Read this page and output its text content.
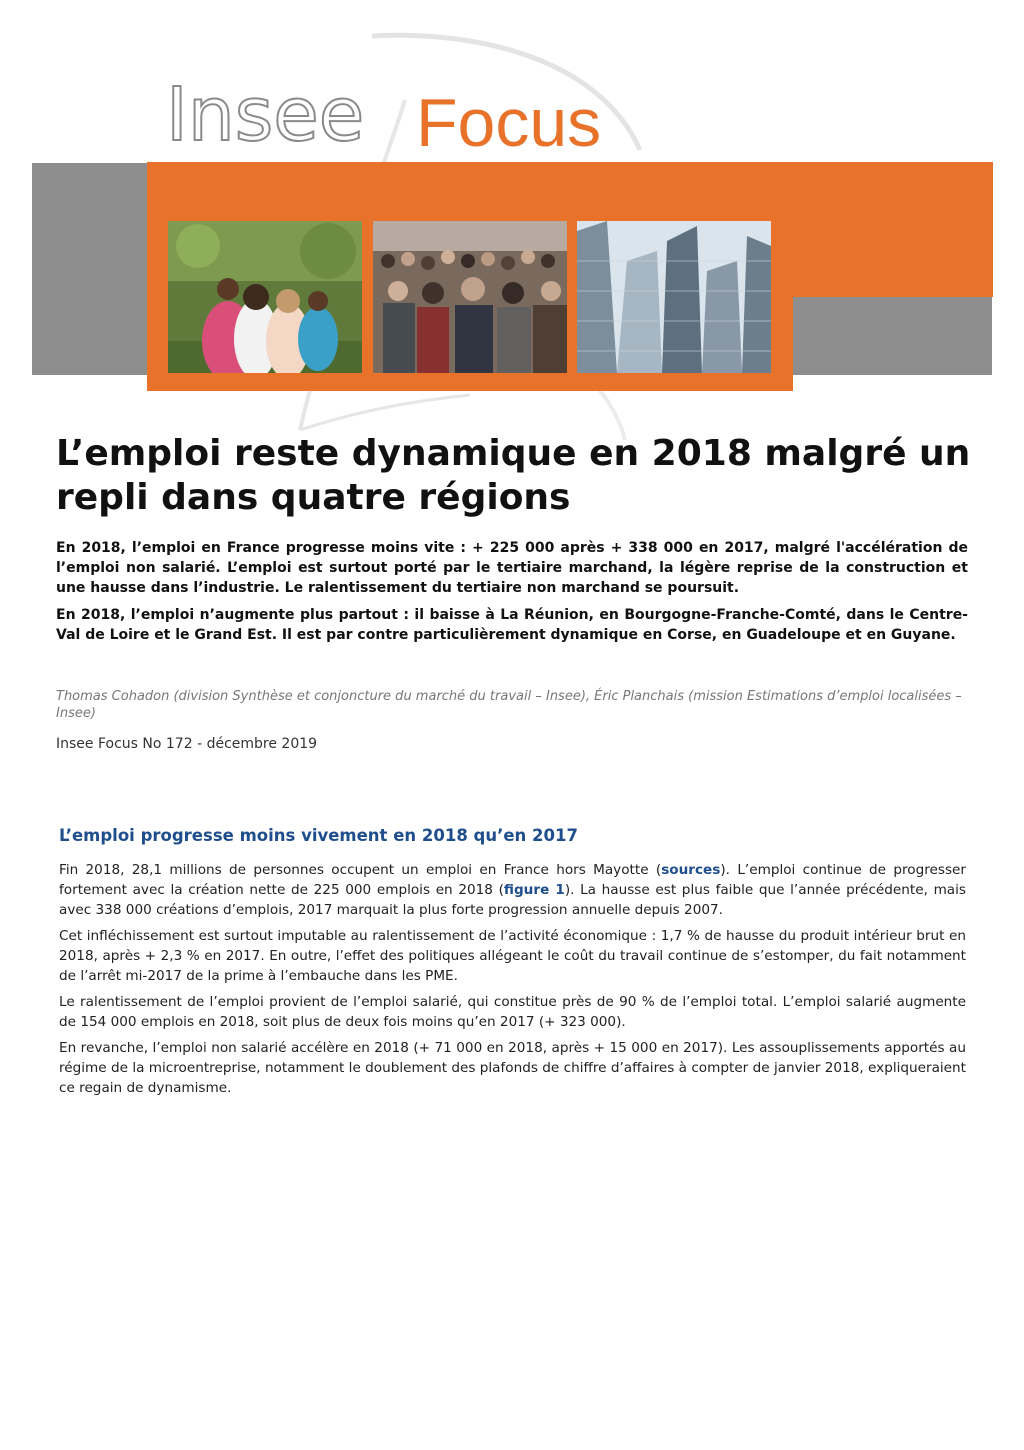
Insee Focus
L’emploi reste dynamique en 2018 malgré un repli dans quatre régions

En 2018, l’emploi en France progresse moins vite : + 225 000 après + 338 000 en 2017, malgré l'accélération de l’emploi non salarié. L’emploi est surtout porté par le tertiaire marchand, la légère reprise de la construction et une hausse dans l’industrie. Le ralentissement du tertiaire non marchand se poursuit.

En 2018, l’emploi n’augmente plus partout : il baisse à La Réunion, en Bourgogne-Franche-Comté, dans le Centre-Val de Loire et le Grand Est. Il est par contre particulièrement dynamique en Corse, en Guadeloupe et en Guyane.

Thomas Cohadon (division Synthèse et conjoncture du marché du travail – Insee), Éric Planchais (mission Estimations d’emploi localisées – Insee)
Insee Focus No 172 - décembre 2019
L’emploi progresse moins vivement en 2018 qu’en 2017

Fin 2018, 28,1 millions de personnes occupent un emploi en France hors Mayotte (sources). L’emploi continue de progresser fortement avec la création nette de 225 000 emplois en 2018 (figure 1). La hausse est plus faible que l’année précédente, mais avec 338 000 créations d’emplois, 2017 marquait la plus forte progression annuelle depuis 2007.

Cet infléchissement est surtout imputable au ralentissement de l’activité économique : 1,7 % de hausse du produit intérieur brut en 2018, après + 2,3 % en 2017. En outre, l’effet des politiques allégeant le coût du travail continue de s’estomper, du fait notamment de l’arrêt mi-2017 de la prime à l’embauche dans les PME.

Le ralentissement de l’emploi provient de l’emploi salarié, qui constitue près de 90 % de l’emploi total. L’emploi salarié augmente de 154 000 emplois en 2018, soit plus de deux fois moins qu’en 2017 (+ 323 000).

En revanche, l’emploi non salarié accélère en 2018 (+ 71 000 en 2018, après + 15 000 en 2017). Les assouplissements apportés au régime de la microentreprise, notamment le doublement des plafonds de chiffre d’affaires à compter de janvier 2018, expliqueraient ce regain de dynamisme.
